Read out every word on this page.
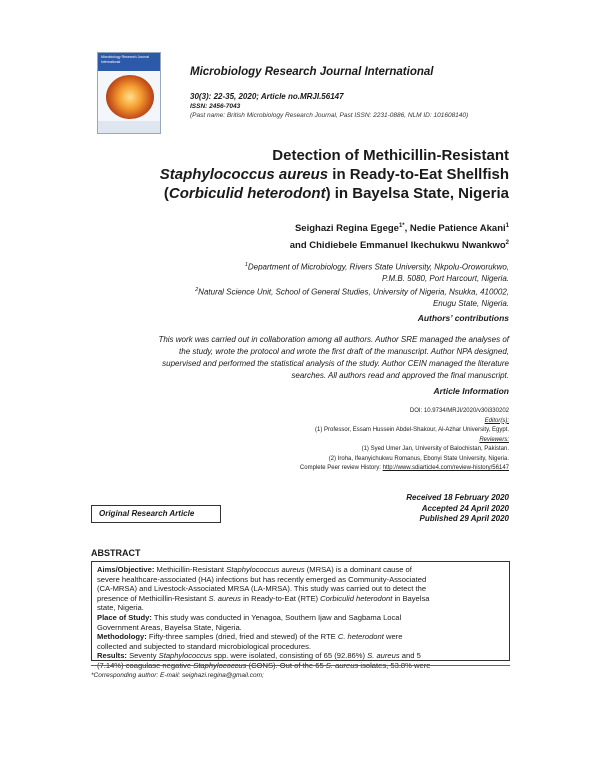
Microbiology Research Journal International
Microbiology Research Journal International
30(3): 22-35, 2020; Article no.MRJI.56147
ISSN: 2456-7043
(Past name: British Microbiology Research Journal, Past ISSN: 2231-0886, NLM ID: 101608140)
Detection of Methicillin-Resistant
Staphylococcus aureus in Ready-to-Eat Shellfish
(Corbiculid heterodont) in Bayelsa State, Nigeria
Seighazi Regina Egege$^{1*}$, Nedie Patience Akani$^1$
and Chidiebele Emmanuel Ikechukwu Nwankwo$^2$
$^1$Department of Microbiology, Rivers State University, Nkpolu-Oroworukwo,
P.M.B. 5080, Port Harcourt, Nigeria.
$^2$Natural Science Unit, School of General Studies, University of Nigeria, Nsukka, 410002,
Enugu State, Nigeria.
Authors’ contributions
This work was carried out in collaboration among all authors. Author SRE managed the analyses of
the study, wrote the protocol and wrote the first draft of the manuscript. Author NPA designed,
supervised and performed the statistical analysis of the study. Author CEIN managed the literature
searches. All authors read and approved the final manuscript.
Article Information
DOI: 10.9734/MRJI/2020/v30i330202
Editor(s):
(1) Professor, Essam Hussein Abdel-Shakour, Al-Azhar University, Egypt.
Reviewers:
(1) Syed Umer Jan, University of Balochistan, Pakistan.
(2) Iroha, Ifeanyichukwu Romanus, Ebonyi State University, Nigeria.
Complete Peer review History: http://www.sdiarticle4.com/review-history/56147
Received 18 February 2020
Accepted 24 April 2020
Published 29 April 2020
Original Research Article
ABSTRACT
Aims/Objective: Methicillin-Resistant Staphylococcus aureus (MRSA) is a dominant cause of
severe healthcare-associated (HA) infections but has recently emerged as Community-Associated
(CA-MRSA) and Livestock-Associated MRSA (LA-MRSA). This study was carried out to detect the
presence of Methicillin-Resistant S. aureus in Ready-to-Eat (RTE) Corbiculid heterodont in Bayelsa
state, Nigeria.
Place of Study: This study was conducted in Yenagoa, Southern Ijaw and Sagbama Local
Government Areas, Bayelsa State, Nigeria.
Methodology: Fifty-three samples (dried, fried and stewed) of the RTE C. heterodont were
collected and subjected to standard microbiological procedures.
Results: Seventy Staphylococcus spp. were isolated, consisting of 65 (92.86%) S. aureus and 5
(7.14%) coagulase negative Staphylococcus (CONS). Out of the 65 S. aureus isolates, 53.8% were
*Corresponding author: E-mail: seighazi.regina@gmail.com;
